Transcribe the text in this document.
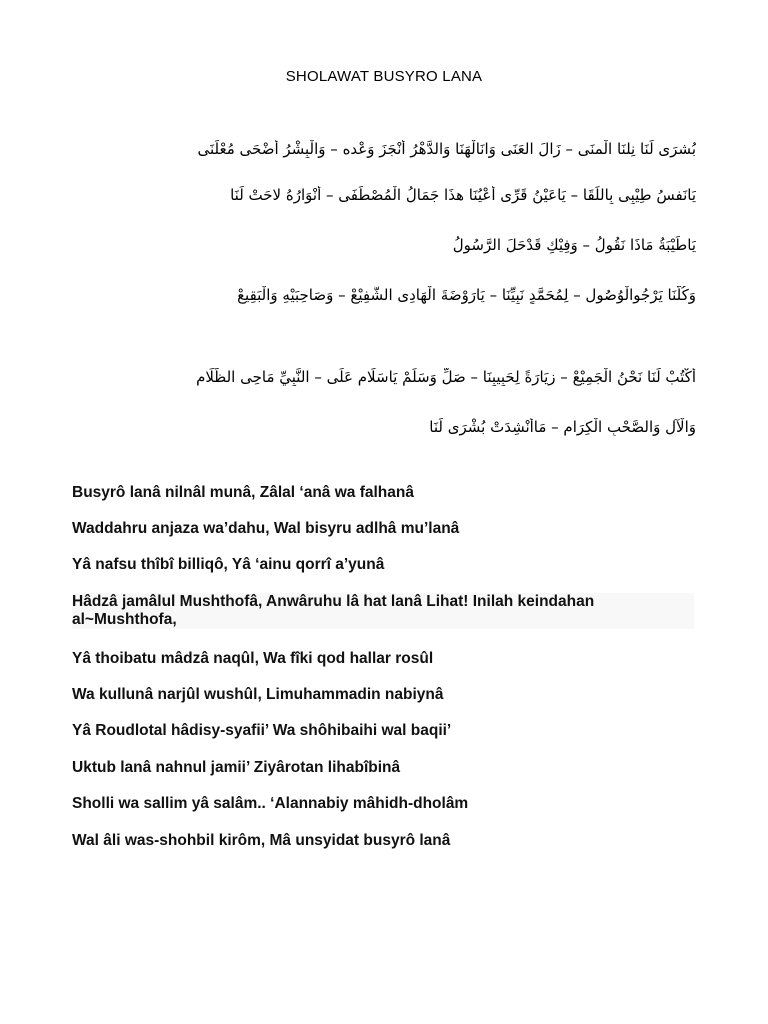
SHOLAWAT BUSYRO LANA
بُشرَى لَنَا نِلنَا الْمنَى – زَالَ العَنَى وَانَالْهَنَا وَالدَّهْرُ أَنْجَزَ وَعْده – وَالْبِشْرُ أَضْحَى مُعْلَنَى
يَانَفسُ طِيْبِى بِاللِّقَا – يَاعَيْنُ قَرِّى أَعْيُنَا هذَا جَمَالُ الْمُصْطَفَى – أَنْوَارُهُ لاحَتْ لَنَا
يَاطَيْبَةُ مَاذَا نَقُولُ – وَفِيْكِ قَدْحَلَ الرَّسُولُ
وَكُلُّنَا يَرْجُوالْوُصُول – لِمُحَمَّدٍ نَبِيِّنَا – يَارَوْضَةَ الْهَادِى الشَّفِيْعْ – وَصَاحِبَيْهِ وَالْبَقِيعْ
أُكْتُبْ لَنَا نَحْنُ الْجَمِيْعْ – زِيَارَةً لِحَبِيبِنَا – صَلِّ وَسَلِّمْ يَاسَلَام عَلَى – النَّبِيِّ مَاحِى الظَّلَام
وَالْآلِ وَالصَّحْبِ الْكِرَام – مَاأُنْشِدَتْ بُشْرَى لَنَا
Busyrô lanâ nilnâl munâ, Zâlal ‘anâ wa falhanâ
Waddahru anjaza wa’dahu, Wal bisyru adlhâ mu’lanâ
Yâ nafsu thîbî billiqô, Yâ ‘ainu qorrî a’yunâ
Hâdzâ jamâlul Mushthofâ, Anwâruhu lâ hat lanâ Lihat! Inilah keindahan al~Mushthofa,
Yâ thoibatu mâdzâ naqûl, Wa fîki qod hallar rosûl
Wa kullunâ narjûl wushûl, Limuhammadin nabiynâ
Yâ Roudlotal hâdisy-syafii’ Wa shôhibaihi wal baqii’
Uktub lanâ nahnul jamii’ Ziyârotan lihabîbinâ
Sholli wa sallim yâ salâm.. ‘Alannabiy mâhidh-dholâm
Wal âli was-shohbil kirôm, Mâ unsyidat busyrô lanâ
